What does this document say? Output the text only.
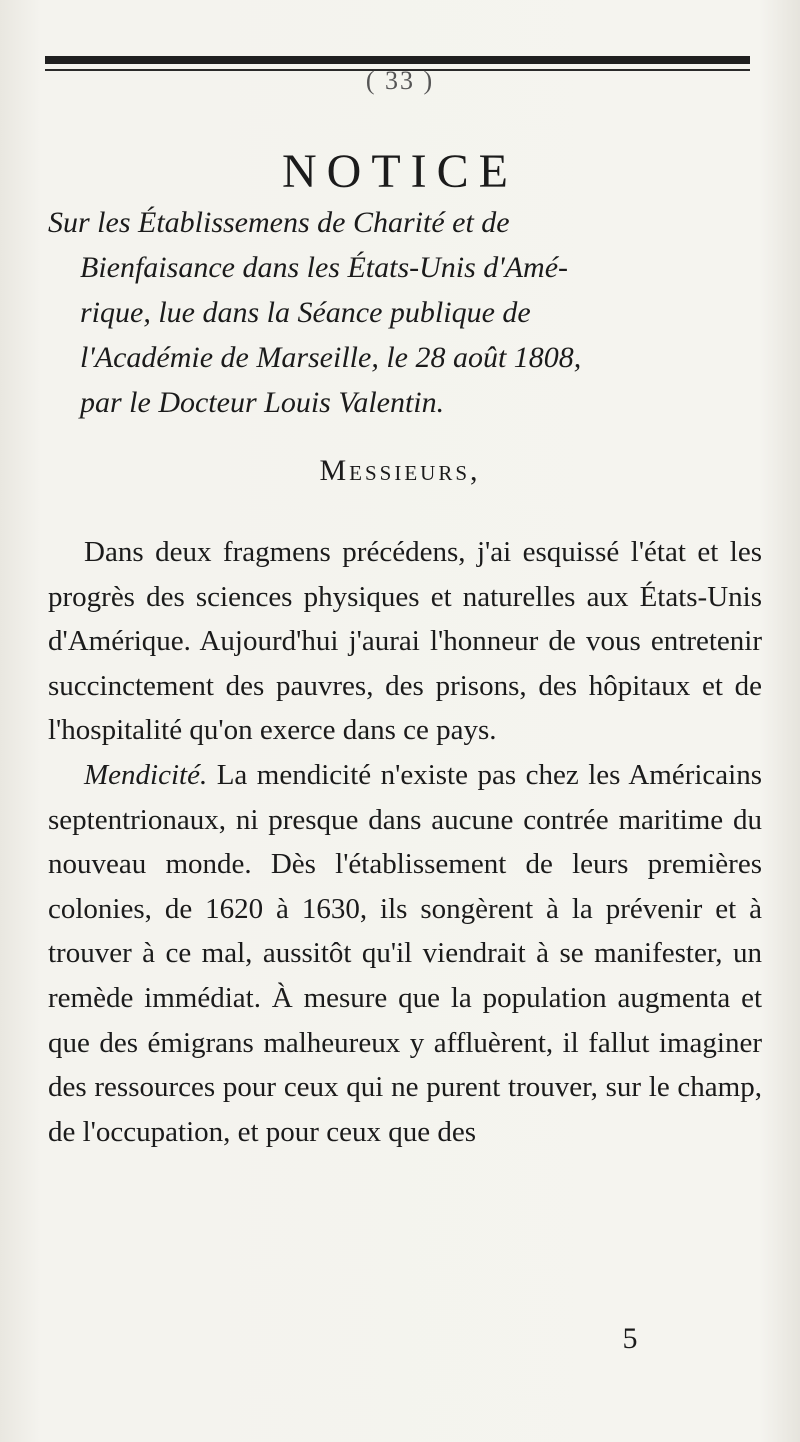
( 33 )
NOTICE

Sur les Établissemens de Charité et de

Bienfaisance dans les États-Unis d'Amé-

rique, lue dans la Séance publique de

l'Académie de Marseille, le 28 août 1808,

par le Docteur Louis Valentin.

Messieurs,

Dans deux fragmens précédens, j'ai esquissé l'état et les progrès des sciences physiques et naturelles aux États-Unis d'Amérique. Aujourd'hui j'aurai l'honneur de vous entretenir succinctement des pauvres, des prisons, des hôpitaux et de l'hospitalité qu'on exerce dans ce pays.

Mendicité. La mendicité n'existe pas chez les Américains septentrionaux, ni presque dans aucune contrée maritime du nouveau monde. Dès l'établissement de leurs premières colonies, de 1620 à 1630, ils songèrent à la prévenir et à trouver à ce mal, aussitôt qu'il viendrait à se manifester, un remède immédiat. À mesure que la population augmenta et que des émigrans malheureux y affluèrent, il fallut imaginer des ressources pour ceux qui ne purent trouver, sur le champ, de l'occupation, et pour ceux que des

5
